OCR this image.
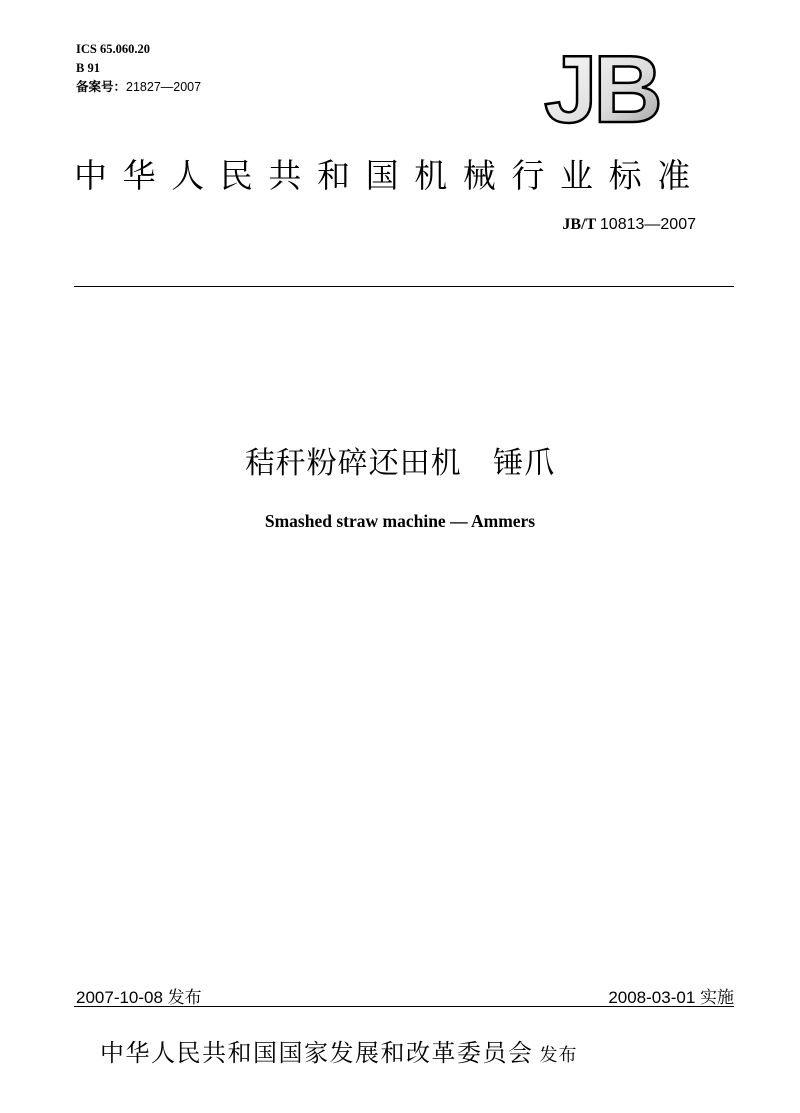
ICS 65.060.20
B 91
备案号：21827—2007	JB
中华人民共和国机械行业标准
JB/T 10813—2007
秸秆粉碎还田机   锤爪
Smashed straw machine — Ammers
2007-10-08 发布	2008-03-01 实施
中华人民共和国国家发展和改革委员会 发布
